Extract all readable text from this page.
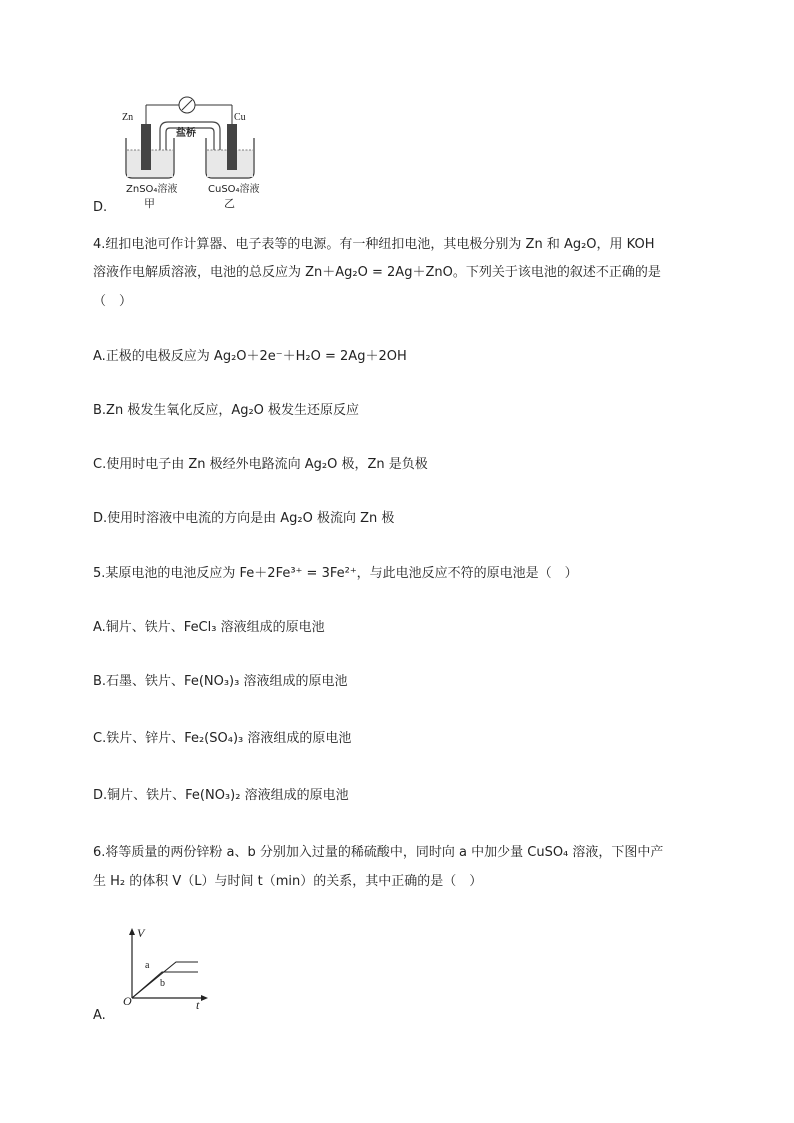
Zn	Cu
盐桥
ZnSO₄溶液	CuSO₄溶液
甲	乙
D.
4.纽扣电池可作计算器、电子表等的电源。有一种纽扣电池，其电极分别为 Zn 和 Ag₂O，用 KOH
溶液作电解质溶液，电池的总反应为 Zn＋Ag₂O = 2Ag＋ZnO。下列关于该电池的叙述不正确的是
（　）
A.正极的电极反应为 Ag₂O＋2e⁻＋H₂O = 2Ag＋2OH
B.Zn 极发生氧化反应，Ag₂O 极发生还原反应
C.使用时电子由 Zn 极经外电路流向 Ag₂O 极，Zn 是负极
D.使用时溶液中电流的方向是由 Ag₂O 极流向 Zn 极
5.某原电池的电池反应为 Fe＋2Fe³⁺ = 3Fe²⁺，与此电池反应不符的原电池是（　）
A.铜片、铁片、FeCl₃ 溶液组成的原电池
B.石墨、铁片、Fe(NO₃)₃ 溶液组成的原电池
C.铁片、锌片、Fe₂(SO₄)₃ 溶液组成的原电池
D.铜片、铁片、Fe(NO₃)₂ 溶液组成的原电池
6.将等质量的两份锌粉 a、b 分别加入过量的稀硫酸中，同时向 a 中加少量 CuSO₄ 溶液，下图中产
生 H₂ 的体积 V（L）与时间 t（min）的关系，其中正确的是（　）
V
t
O
a
b
A.
